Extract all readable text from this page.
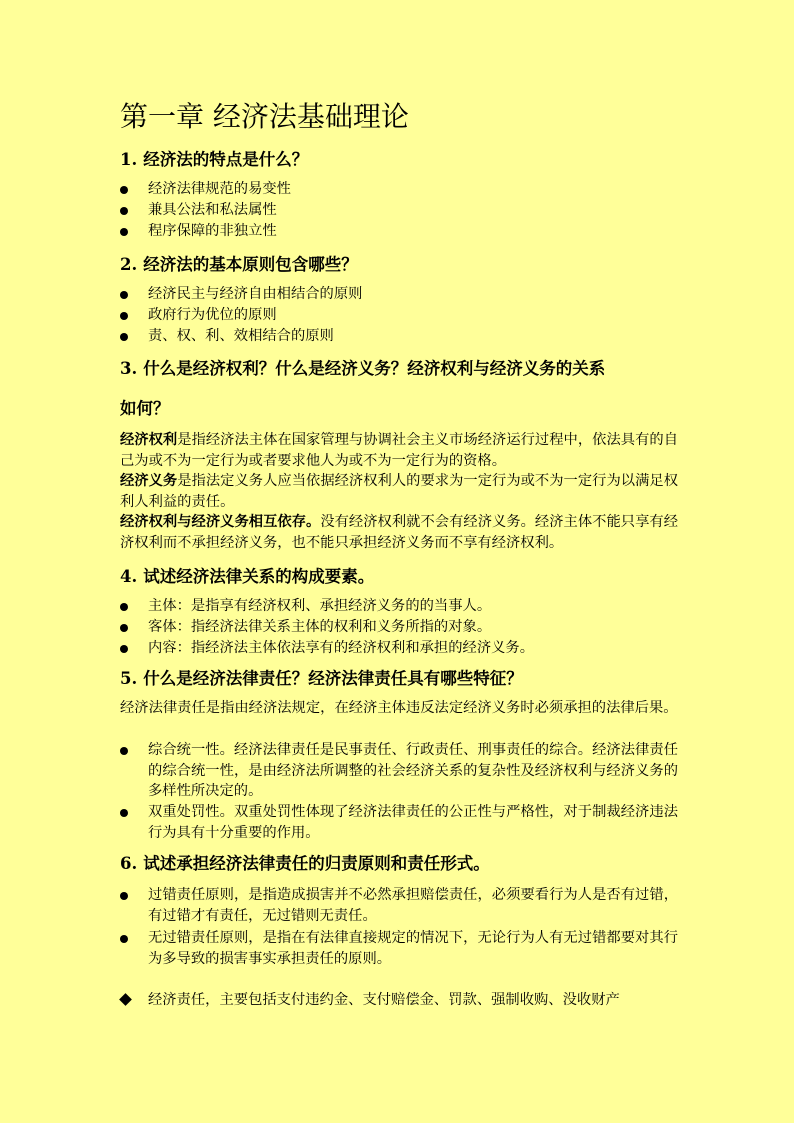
第一章 经济法基础理论
1. 经济法的特点是什么？
经济法律规范的易变性
兼具公法和私法属性
程序保障的非独立性
2. 经济法的基本原则包含哪些？
经济民主与经济自由相结合的原则
政府行为优位的原则
责、权、利、效相结合的原则
3. 什么是经济权利？什么是经济义务？经济权利与经济义务的关系
如何？
经济权利是指经济法主体在国家管理与协调社会主义市场经济运行过程中，依法具有的自己为或不为一定行为或者要求他人为或不为一定行为的资格。
经济义务是指法定义务人应当依据经济权利人的要求为一定行为或不为一定行为以满足权利人利益的责任。
经济权利与经济义务相互依存。没有经济权利就不会有经济义务。经济主体不能只享有经济权利而不承担经济义务，也不能只承担经济义务而不享有经济权利。
4. 试述经济法律关系的构成要素。
主体：是指享有经济权利、承担经济义务的的当事人。
客体：指经济法律关系主体的权利和义务所指的对象。
内容：指经济法主体依法享有的经济权利和承担的经济义务。
5. 什么是经济法律责任？经济法律责任具有哪些特征？
经济法律责任是指由经济法规定，在经济主体违反法定经济义务时必须承担的法律后果。
综合统一性。经济法律责任是民事责任、行政责任、刑事责任的综合。经济法律责任的综合统一性，是由经济法所调整的社会经济关系的复杂性及经济权利与经济义务的多样性所决定的。
双重处罚性。双重处罚性体现了经济法律责任的公正性与严格性，对于制裁经济违法行为具有十分重要的作用。
6. 试述承担经济法律责任的归责原则和责任形式。
过错责任原则，是指造成损害并不必然承担赔偿责任，必须要看行为人是否有过错，有过错才有责任，无过错则无责任。
无过错责任原则，是指在有法律直接规定的情况下，无论行为人有无过错都要对其行为多导致的损害事实承担责任的原则。
经济责任，主要包括支付违约金、支付赔偿金、罚款、强制收购、没收财产
